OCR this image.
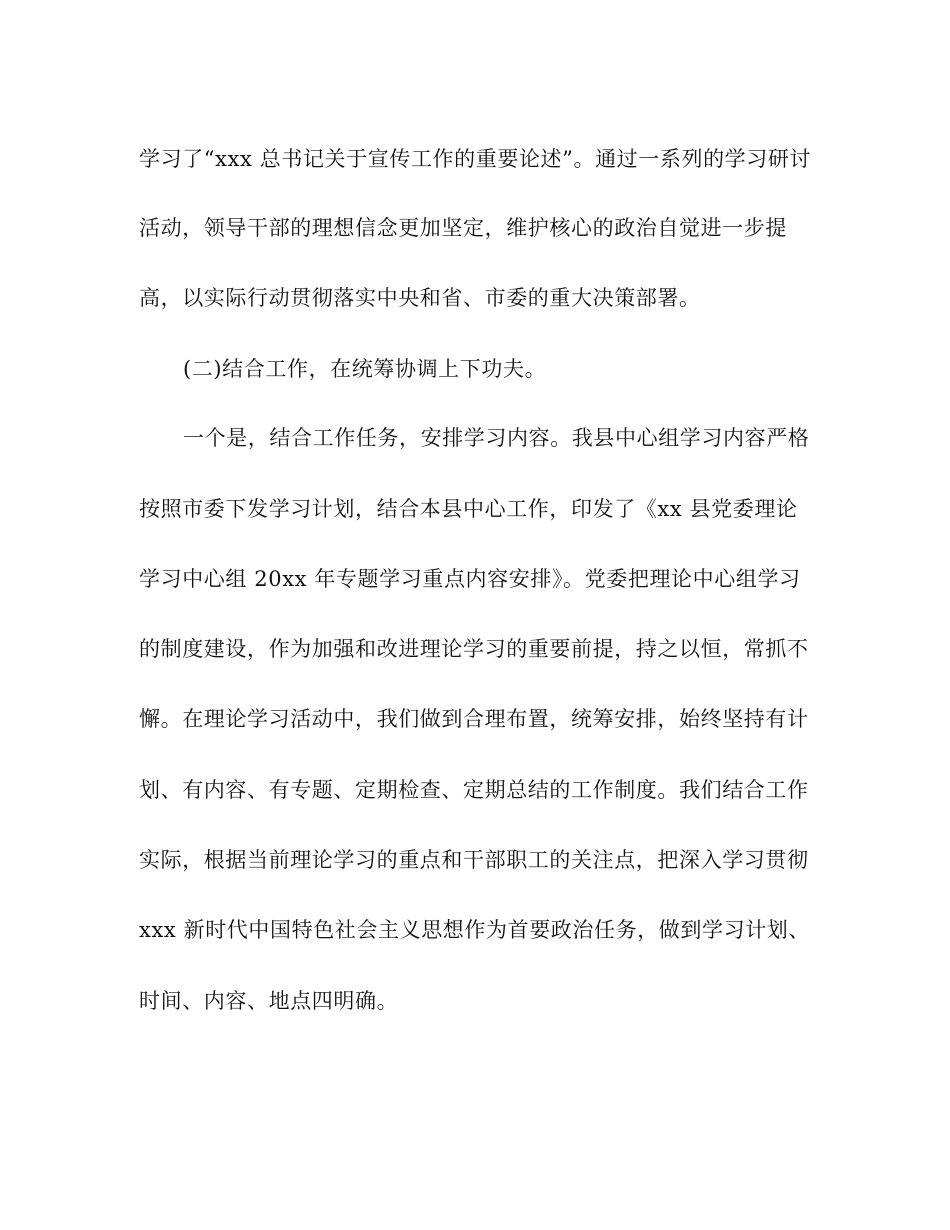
学习了“xxx 总书记关于宣传工作的重要论述”。通过一系列的学习研讨
活动，领导干部的理想信念更加坚定，维护核心的政治自觉进一步提
高，以实际行动贯彻落实中央和省、市委的重大决策部署。
(二)结合工作，在统筹协调上下功夫。
一个是，结合工作任务，安排学习内容。我县中心组学习内容严格
按照市委下发学习计划，结合本县中心工作，印发了《xx 县党委理论
学习中心组 20xx 年专题学习重点内容安排》。党委把理论中心组学习
的制度建设，作为加强和改进理论学习的重要前提，持之以恒，常抓不
懈。在理论学习活动中，我们做到合理布置，统筹安排，始终坚持有计
划、有内容、有专题、定期检查、定期总结的工作制度。我们结合工作
实际，根据当前理论学习的重点和干部职工的关注点，把深入学习贯彻
xxx 新时代中国特色社会主义思想作为首要政治任务，做到学习计划、
时间、内容、地点四明确。
